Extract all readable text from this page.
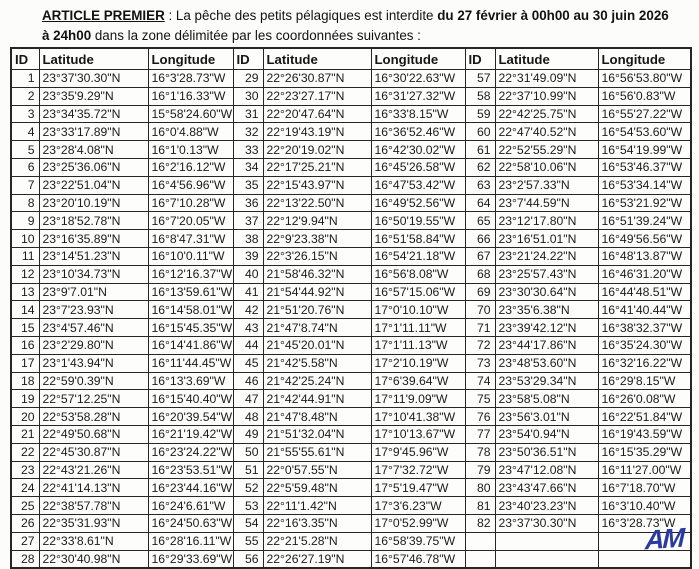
ARTICLE PREMIER : La pêche des petits pélagiques est interdite du 27 février à 00h00 au 30 juin 2026
à 24h00 dans la zone délimitée par les coordonnées suivantes :

ID	Latitude	Longitude	ID	Latitude	Longitude	ID	Latitude	Longitude
1	23°37'30.30"N	16°3'28.73"W	29	22°26'30.87"N	16°30'22.63"W	57	22°31'49.09"N	16°56'53.80"W
2	23°35'9.29"N	16°1'16.33"W	30	22°23'27.17"N	16°31'27.32"W	58	22°37'10.99"N	16°56'0.83"W
3	23°34'35.72"N	15°58'24.60"W	31	22°20'47.64"N	16°33'8.15"W	59	22°42'25.75"N	16°55'27.22"W
4	23°33'17.89"N	16°0'4.88"W	32	22°19'43.19"N	16°36'52.46"W	60	22°47'40.52"N	16°54'53.60"W
5	23°28'4.08"N	16°1'0.13"W	33	22°20'19.02"N	16°42'30.02"W	61	22°52'55.29"N	16°54'19.99"W
6	23°25'36.06"N	16°2'16.12"W	34	22°17'25.21"N	16°45'26.58"W	62	22°58'10.06"N	16°53'46.37"W
7	23°22'51.04"N	16°4'56.96"W	35	22°15'43.97"N	16°47'53.42"W	63	23°2'57.33"N	16°53'34.14"W
8	23°20'10.19"N	16°7'10.28"W	36	22°13'22.50"N	16°49'52.56"W	64	23°7'44.59"N	16°53'21.92"W
9	23°18'52.78"N	16°7'20.05"W	37	22°12'9.94"N	16°50'19.55"W	65	23°12'17.80"N	16°51'39.24"W
10	23°16'35.89"N	16°8'47.31"W	38	22°9'23.38"N	16°51'58.84"W	66	23°16'51.01"N	16°49'56.56"W
11	23°14'51.23"N	16°10'0.11"W	39	22°3'26.15"N	16°54'21.18"W	67	23°21'24.22"N	16°48'13.87"W
12	23°10'34.73"N	16°12'16.37"W	40	21°58'46.32"N	16°56'8.08"W	68	23°25'57.43"N	16°46'31.20"W
13	23°9'7.01"N	16°13'59.61"W	41	21°54'44.92"N	16°57'15.06"W	69	23°30'30.64"N	16°44'48.51"W
14	23°7'23.93"N	16°14'58.01"W	42	21°51'20.76"N	17°0'10.10"W	70	23°35'6.38"N	16°41'40.44"W
15	23°4'57.46"N	16°15'45.35"W	43	21°47'8.74"N	17°1'11.11"W	71	23°39'42.12"N	16°38'32.37"W
16	23°2'29.80"N	16°14'41.86"W	44	21°45'20.01"N	17°1'11.13"W	72	23°44'17.86"N	16°35'24.30"W
17	23°1'43.94"N	16°11'44.45"W	45	21°42'5.58"N	17°2'10.19"W	73	23°48'53.60"N	16°32'16.22"W
18	22°59'0.39"N	16°13'3.69"W	46	21°42'25.24"N	17°6'39.64"W	74	23°53'29.34"N	16°29'8.15"W
19	22°57'12.25"N	16°15'40.40"W	47	21°42'44.91"N	17°11'9.09"W	75	23°58'5.08"N	16°26'0.08"W
20	22°53'58.28"N	16°20'39.54"W	48	21°47'8.48"N	17°10'41.38"W	76	23°56'3.01"N	16°22'51.84"W
21	22°49'50.68"N	16°21'19.42"W	49	21°51'32.04"N	17°10'13.67"W	77	23°54'0.94"N	16°19'43.59"W
22	22°45'30.87"N	16°23'24.22"W	50	21°55'55.61"N	17°9'45.96"W	78	23°50'36.51"N	16°15'35.29"W
23	22°43'21.26"N	16°23'53.51"W	51	22°0'57.55"N	17°7'32.72"W	79	23°47'12.08"N	16°11'27.00"W
24	22°41'14.13"N	16°23'44.16"W	52	22°5'59.48"N	17°5'19.47"W	80	23°43'47.66"N	16°7'18.70"W
25	22°38'57.78"N	16°24'6.61"W	53	22°11'1.42"N	17°3'6.23"W	81	23°40'23.23"N	16°3'10.40"W
26	22°35'31.93"N	16°24'50.63"W	54	22°16'3.35"N	17°0'52.99"W	82	23°37'30.30"N	16°3'28.73"W
27	22°33'8.61"N	16°28'16.11"W	55	22°21'5.28"N	16°58'39.75"W			
28	22°30'40.98"N	16°29'33.69"W	56	22°26'27.19"N	16°57'46.78"W			
AM
